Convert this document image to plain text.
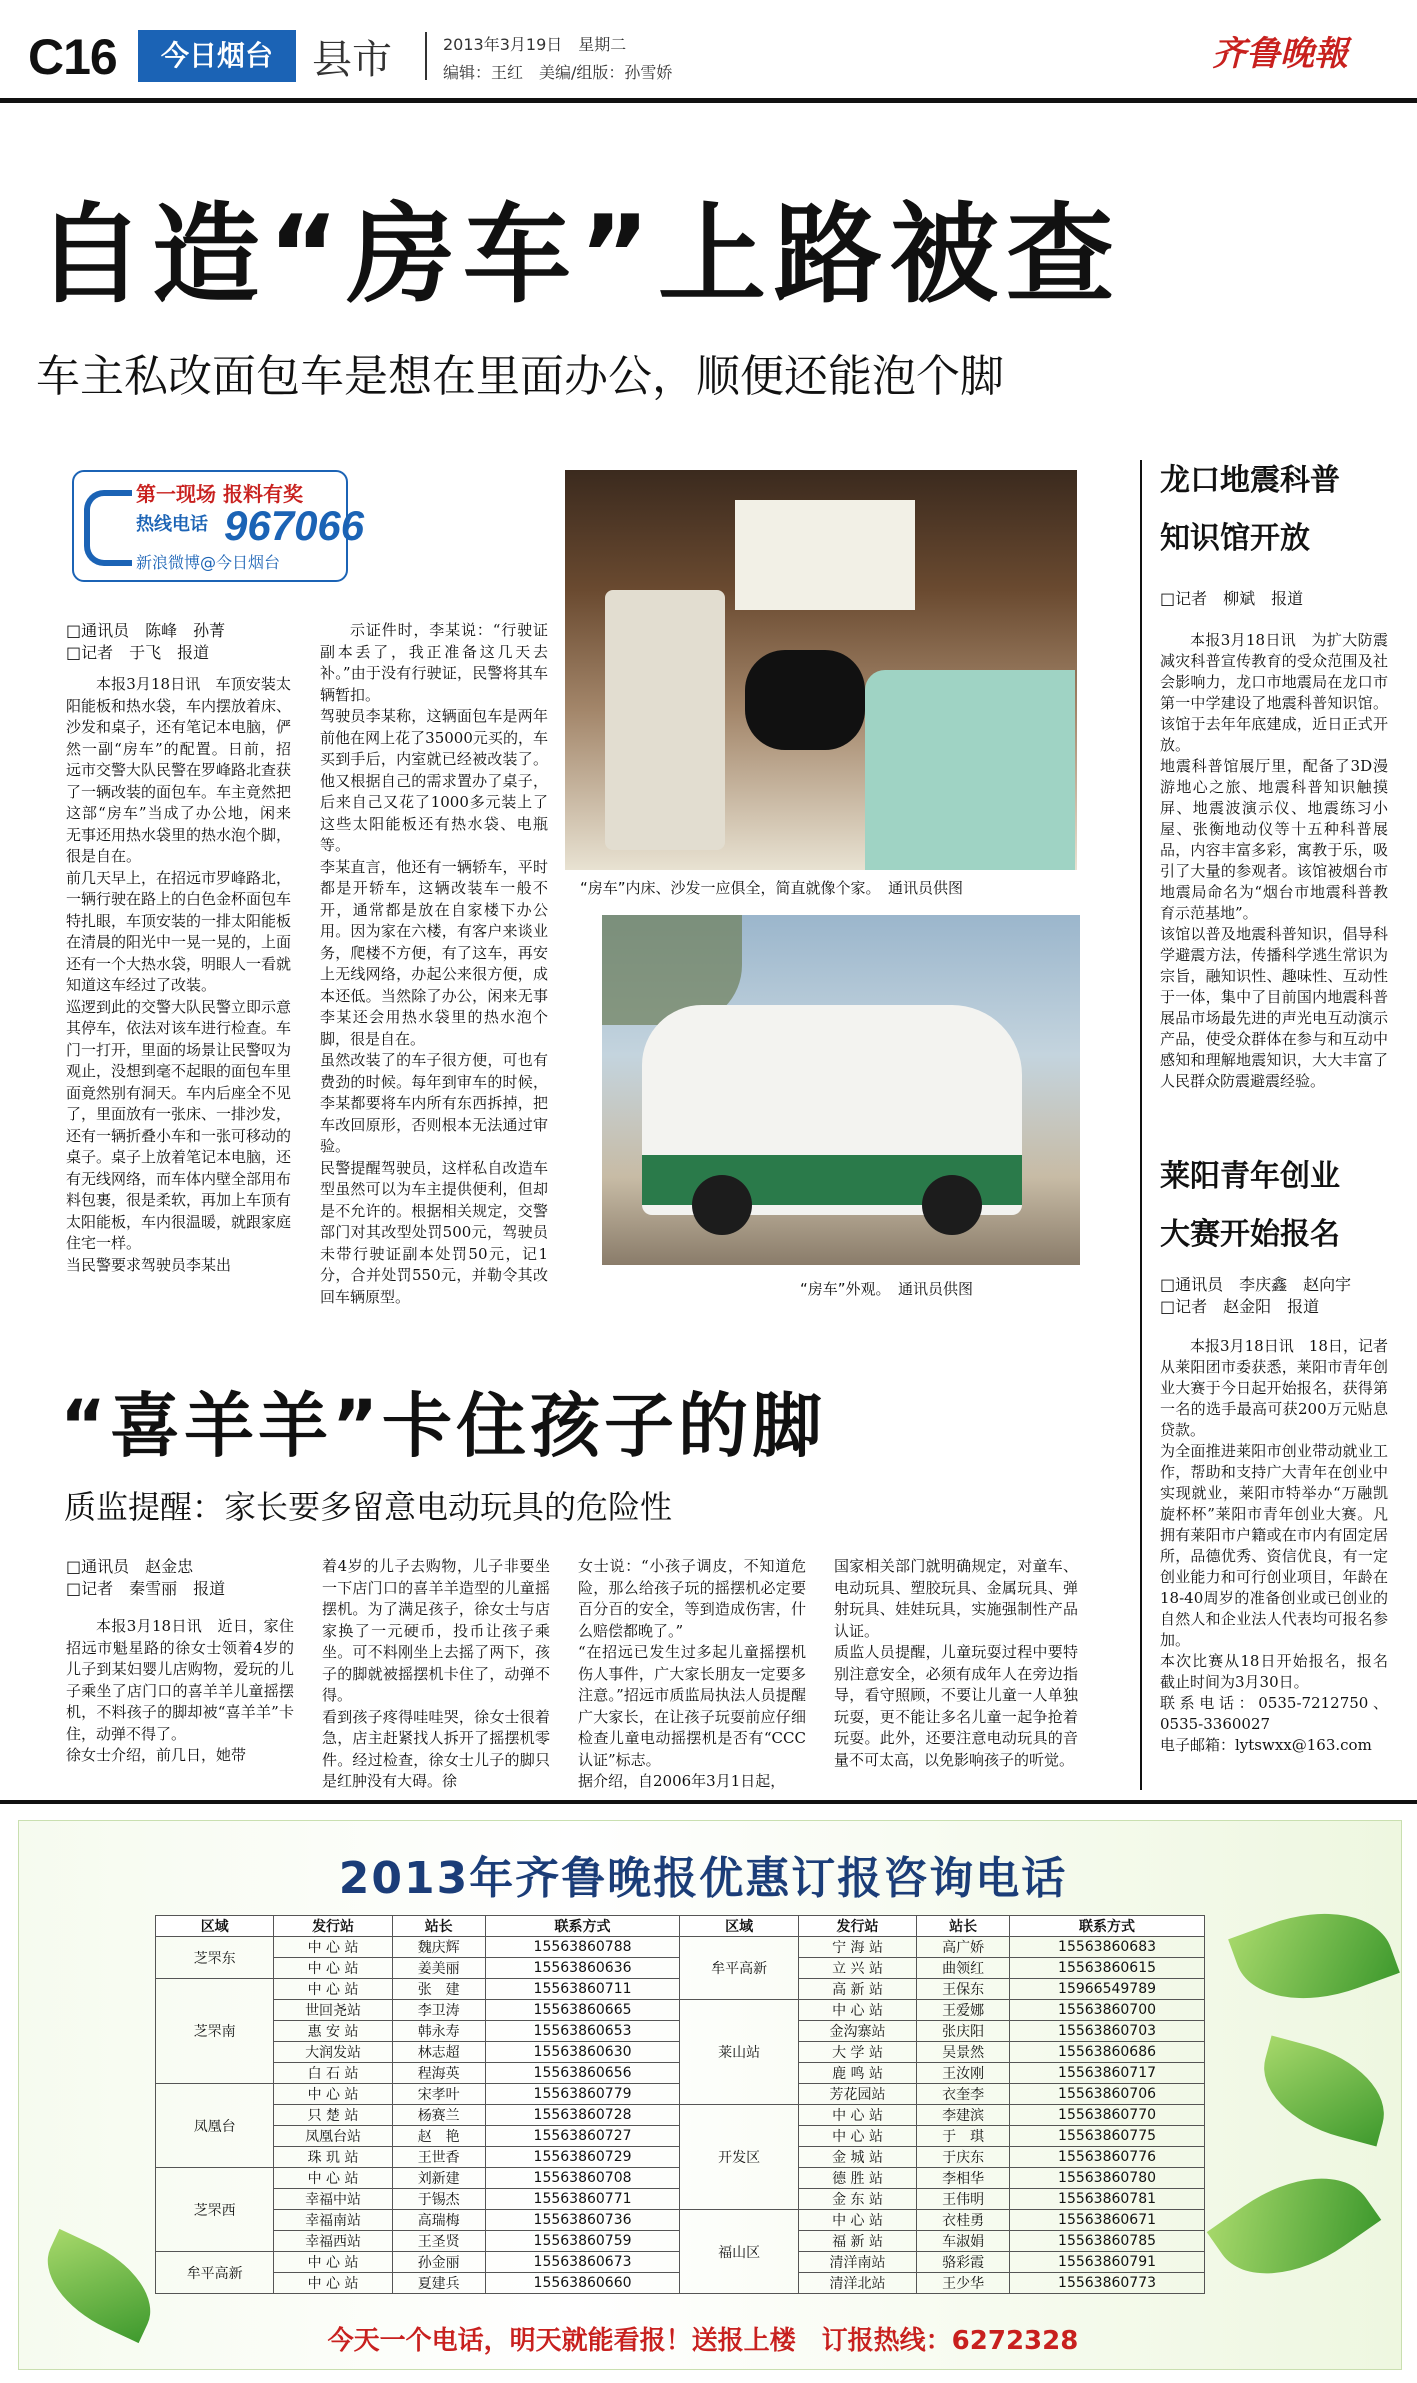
C16	今日烟台 县市	2013年3月19日　星期二
编辑：王红　美编/组版：孙雪娇	齐鲁晚報
自造“房车”上路被查
车主私改面包车是想在里面办公，顺便还能泡个脚
第一现场 报料有奖
热线电话 967066
新浪微博@今日烟台
□通讯员　陈峰　孙菁
□记者　于飞　报道
本报3月18日讯　车顶安装太阳能板和热水袋，车内摆放着床、沙发和桌子，还有笔记本电脑，俨然一副“房车”的配置。日前，招远市交警大队民警在罗峰路北查获了一辆改装的面包车。车主竟然把这部“房车”当成了办公地，闲来无事还用热水袋里的热水泡个脚，很是自在。
前几天早上，在招远市罗峰路北，一辆行驶在路上的白色金杯面包车特扎眼，车顶安装的一排太阳能板在清晨的阳光中一晃一晃的，上面还有一个大热水袋，明眼人一看就知道这车经过了改装。
巡逻到此的交警大队民警立即示意其停车，依法对该车进行检查。车门一打开，里面的场景让民警叹为观止，没想到毫不起眼的面包车里面竟然别有洞天。车内后座全不见了，里面放有一张床、一排沙发，还有一辆折叠小车和一张可移动的桌子。桌子上放着笔记本电脑，还有无线网络，而车体内壁全部用布料包裹，很是柔软，再加上车顶有太阳能板，车内很温暖，就跟家庭住宅一样。
当民警要求驾驶员李某出
示证件时，李某说：“行驶证副本丢了，我正准备这几天去补。”由于没有行驶证，民警将其车辆暂扣。
驾驶员李某称，这辆面包车是两年前他在网上花了35000元买的，车买到手后，内室就已经被改装了。他又根据自己的需求置办了桌子，后来自己又花了1000多元装上了这些太阳能板还有热水袋、电瓶等。
李某直言，他还有一辆轿车，平时都是开轿车，这辆改装车一般不开，通常都是放在自家楼下办公用。因为家在六楼，有客户来谈业务，爬楼不方便，有了这车，再安上无线网络，办起公来很方便，成本还低。当然除了办公，闲来无事李某还会用热水袋里的热水泡个脚，很是自在。
虽然改装了的车子很方便，可也有费劲的时候。每年到审车的时候，李某都要将车内所有东西拆掉，把车改回原形，否则根本无法通过审验。
民警提醒驾驶员，这样私自改造车型虽然可以为车主提供便利，但却是不允许的。根据相关规定，交警部门对其改型处罚500元，驾驶员未带行驶证副本处罚50元，记1分，合并处罚550元，并勒令其改回车辆原型。
“房车”内床、沙发一应俱全，简直就像个家。　通讯员供图
“房车”外观。　通讯员供图
“喜羊羊”卡住孩子的脚
质监提醒：家长要多留意电动玩具的危险性
□通讯员　赵金忠
□记者　秦雪丽　报道
本报3月18日讯　近日，家住招远市魁星路的徐女士领着4岁的儿子到某妇婴儿店购物，爱玩的儿子乘坐了店门口的喜羊羊儿童摇摆机，不料孩子的脚却被“喜羊羊”卡住，动弹不得了。
徐女士介绍，前几日，她带
着4岁的儿子去购物，儿子非要坐一下店门口的喜羊羊造型的儿童摇摆机。为了满足孩子，徐女士与店家换了一元硬币，投币让孩子乘坐。可不料刚坐上去摇了两下，孩子的脚就被摇摆机卡住了，动弹不得。
看到孩子疼得哇哇哭，徐女士很着急，店主赶紧找人拆开了摇摆机零件。经过检查，徐女士儿子的脚只是红肿没有大碍。徐
女士说：“小孩子调皮，不知道危险，那么给孩子玩的摇摆机必定要百分百的安全，等到造成伤害，什么赔偿都晚了。”
“在招远已发生过多起儿童摇摆机伤人事件，广大家长朋友一定要多注意。”招远市质监局执法人员提醒广大家长，在让孩子玩耍前应仔细检查儿童电动摇摆机是否有“CCC认证”标志。
据介绍，自2006年3月1日起，
国家相关部门就明确规定，对童车、电动玩具、塑胶玩具、金属玩具、弹射玩具、娃娃玩具，实施强制性产品认证。
质监人员提醒，儿童玩耍过程中要特别注意安全，必须有成年人在旁边指导，看守照顾，不要让儿童一人单独玩耍，更不能让多名儿童一起争抢着玩耍。此外，还要注意电动玩具的音量不可太高，以免影响孩子的听觉。
龙口地震科普
知识馆开放
□记者　柳斌　报道
本报3月18日讯　为扩大防震减灾科普宣传教育的受众范围及社会影响力，龙口市地震局在龙口市第一中学建设了地震科普知识馆。该馆于去年年底建成，近日正式开放。
地震科普馆展厅里，配备了3D漫游地心之旅、地震科普知识触摸屏、地震波演示仪、地震练习小屋、张衡地动仪等十五种科普展品，内容丰富多彩，寓教于乐，吸引了大量的参观者。该馆被烟台市地震局命名为“烟台市地震科普教育示范基地”。
该馆以普及地震科普知识，倡导科学避震方法，传播科学逃生常识为宗旨，融知识性、趣味性、互动性于一体，集中了目前国内地震科普展品市场最先进的声光电互动演示产品，使受众群体在参与和互动中感知和理解地震知识，大大丰富了人民群众防震避震经验。
莱阳青年创业
大赛开始报名
□通讯员　李庆鑫　赵向宇
□记者　赵金阳　报道
本报3月18日讯　18日，记者从莱阳团市委获悉，莱阳市青年创业大赛于今日起开始报名，获得第一名的选手最高可获200万元贴息贷款。
为全面推进莱阳市创业带动就业工作，帮助和支持广大青年在创业中实现就业，莱阳市特举办“万融凯旋杯杯”莱阳市青年创业大赛。凡拥有莱阳市户籍或在市内有固定居所，品德优秀、资信优良，有一定创业能力和可行创业项目，年龄在18-40周岁的准备创业或已创业的自然人和企业法人代表均可报名参加。
本次比赛从18日开始报名，报名截止时间为3月30日。
联系电话：0535-7212750、0535-3360027
电子邮箱：lytswxx@163.com
2013年齐鲁晚报优惠订报咨询电话
区域	发行站	站长	联系方式	区域	发行站	站长	联系方式
芝罘东	中 心 站	魏庆辉	15563860788	牟平高新	宁 海 站	高广娇	15563860683
	中 心 站	姜美丽	15563860636		立 兴 站	曲领红	15563860615
芝罘南	中 心 站	张　建	15563860711		高 新 站	王保东	15966549789
	世回尧站	李卫涛	15563860665	莱山站	中 心 站	王爱娜	15563860700
	惠 安 站	韩永寿	15563860653		金沟寨站	张庆阳	15563860703
	大润发站	林志超	15563860630		大 学 站	吴景然	15563860686
	白 石 站	程海英	15563860656		鹿 鸣 站	王汝刚	15563860717
凤凰台	中 心 站	宋孝叶	15563860779		芳花园站	衣奎李	15563860706
	只 楚 站	杨赛兰	15563860728	开发区	中 心 站	李建滨	15563860770
	凤凰台站	赵　艳	15563860727		中 心 站	于　琪	15563860775
	珠 玑 站	王世香	15563860729		金 城 站	于庆东	15563860776
芝罘西	中 心 站	刘新建	15563860708		德 胜 站	李相华	15563860780
	幸福中站	于锡杰	15563860771		金 东 站	王伟明	15563860781
	幸福南站	高瑞梅	15563860736	福山区	中 心 站	衣桂勇	15563860671
	幸福西站	王圣贤	15563860759		福 新 站	车淑娟	15563860785
牟平高新	中 心 站	孙金丽	15563860673		清洋南站	骆彩霞	15563860791
	中 心 站	夏建兵	15563860660		清洋北站	王少华	15563860773
今天一个电话，明天就能看报！送报上楼　订报热线：6272328
